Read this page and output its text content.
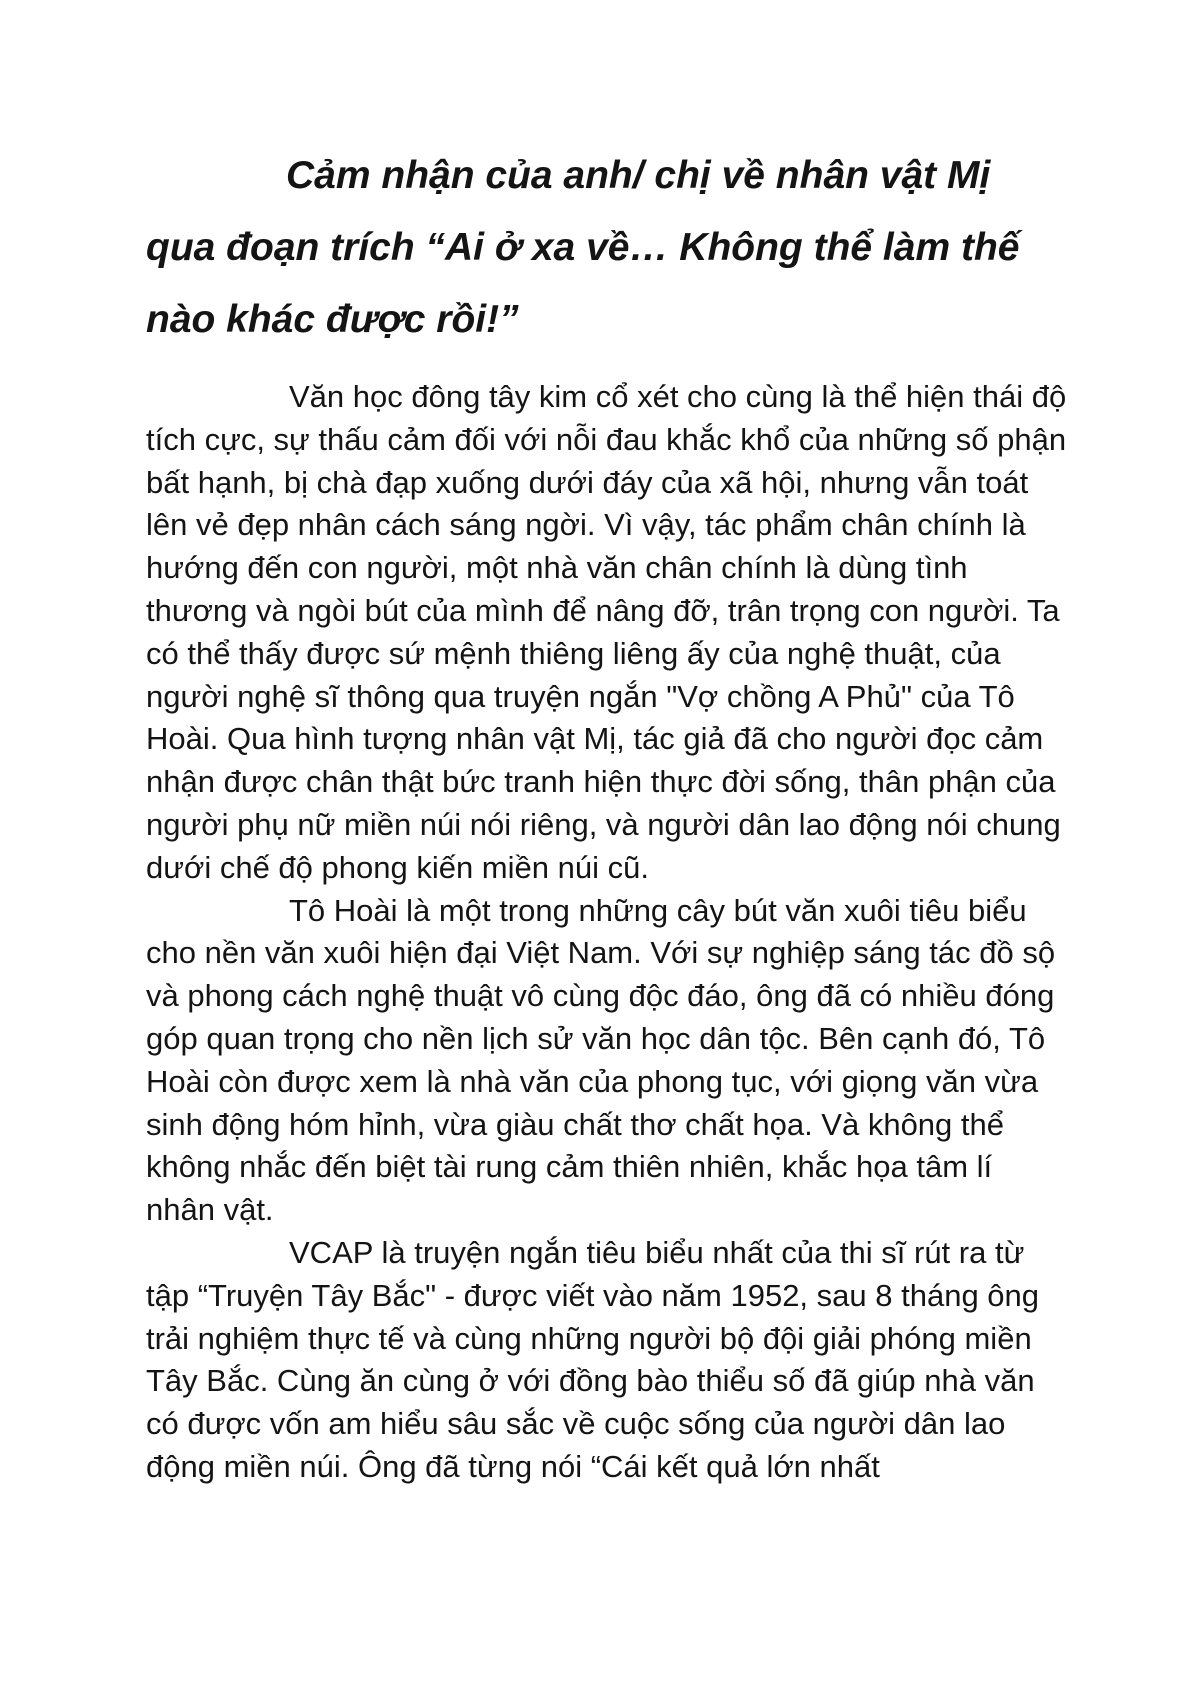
Cảm nhận của anh/ chị về nhân vật Mị qua đoạn trích “Ai ở xa về… Không thể làm thế nào khác được rồi!”

Văn học đông tây kim cổ xét cho cùng là thể hiện thái độ tích cực, sự thấu cảm đối với nỗi đau khắc khổ của những số phận bất hạnh, bị chà đạp xuống dưới đáy của xã hội, nhưng vẫn toát lên vẻ đẹp nhân cách sáng ngời. Vì vậy, tác phẩm chân chính là hướng đến con người, một nhà văn chân chính là dùng tình thương và ngòi bút của mình để nâng đỡ, trân trọng con người. Ta có thể thấy được sứ mệnh thiêng liêng ấy của nghệ thuật, của người nghệ sĩ thông qua truyện ngắn "Vợ chồng A Phủ" của Tô Hoài. Qua hình tượng nhân vật Mị, tác giả đã cho người đọc cảm nhận được chân thật bức tranh hiện thực đời sống, thân phận của người phụ nữ miền núi nói riêng, và người dân lao động nói chung dưới chế độ phong kiến miền núi cũ.

Tô Hoài là một trong những cây bút văn xuôi tiêu biểu cho nền văn xuôi hiện đại Việt Nam. Với sự nghiệp sáng tác đồ sộ và phong cách nghệ thuật vô cùng độc đáo, ông đã có nhiều đóng góp quan trọng cho nền lịch sử văn học dân tộc. Bên cạnh đó, Tô Hoài còn được xem là nhà văn của phong tục, với giọng văn vừa sinh động hóm hỉnh, vừa giàu chất thơ chất họa. Và không thể không nhắc đến biệt tài rung cảm thiên nhiên, khắc họa tâm lí nhân vật.

VCAP là truyện ngắn tiêu biểu nhất của thi sĩ rút ra từ tập “Truyện Tây Bắc" - được viết vào năm 1952, sau 8 tháng ông trải nghiệm thực tế và cùng những người bộ đội giải phóng miền Tây Bắc. Cùng ăn cùng ở với đồng bào thiểu số đã giúp nhà văn có được vốn am hiểu sâu sắc về cuộc sống của người dân lao động miền núi. Ông đã từng nói “Cái kết quả lớn nhất
